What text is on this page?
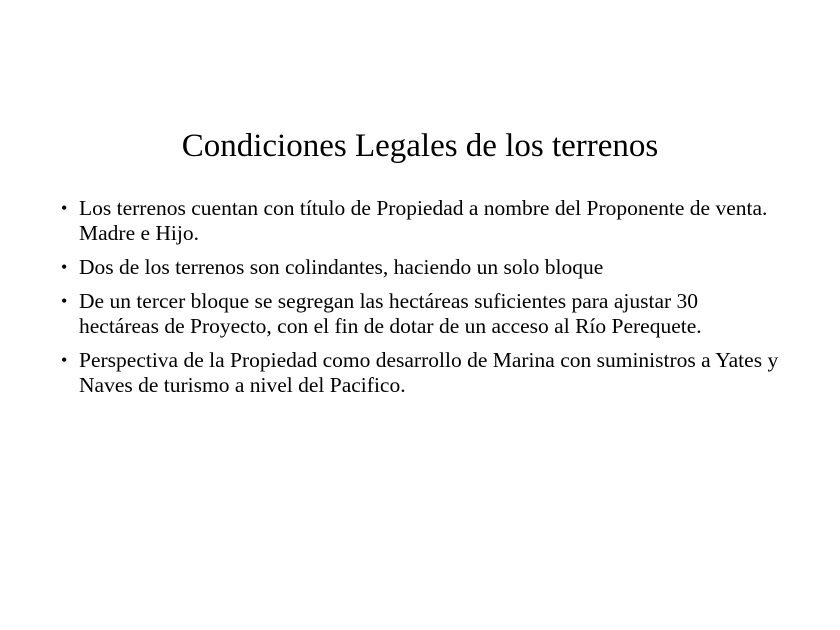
Condiciones Legales de los terrenos
• Los terrenos cuentan con título de Propiedad a nombre del Proponente de venta. Madre e Hijo.
• Dos de los terrenos son colindantes, haciendo un solo bloque
• De un tercer bloque se segregan las hectáreas suficientes para ajustar 30 hectáreas de Proyecto, con el fin de dotar de un acceso al Río Perequete.
• Perspectiva de la Propiedad como desarrollo de Marina con suministros a Yates y Naves de turismo a nivel del Pacifico.
